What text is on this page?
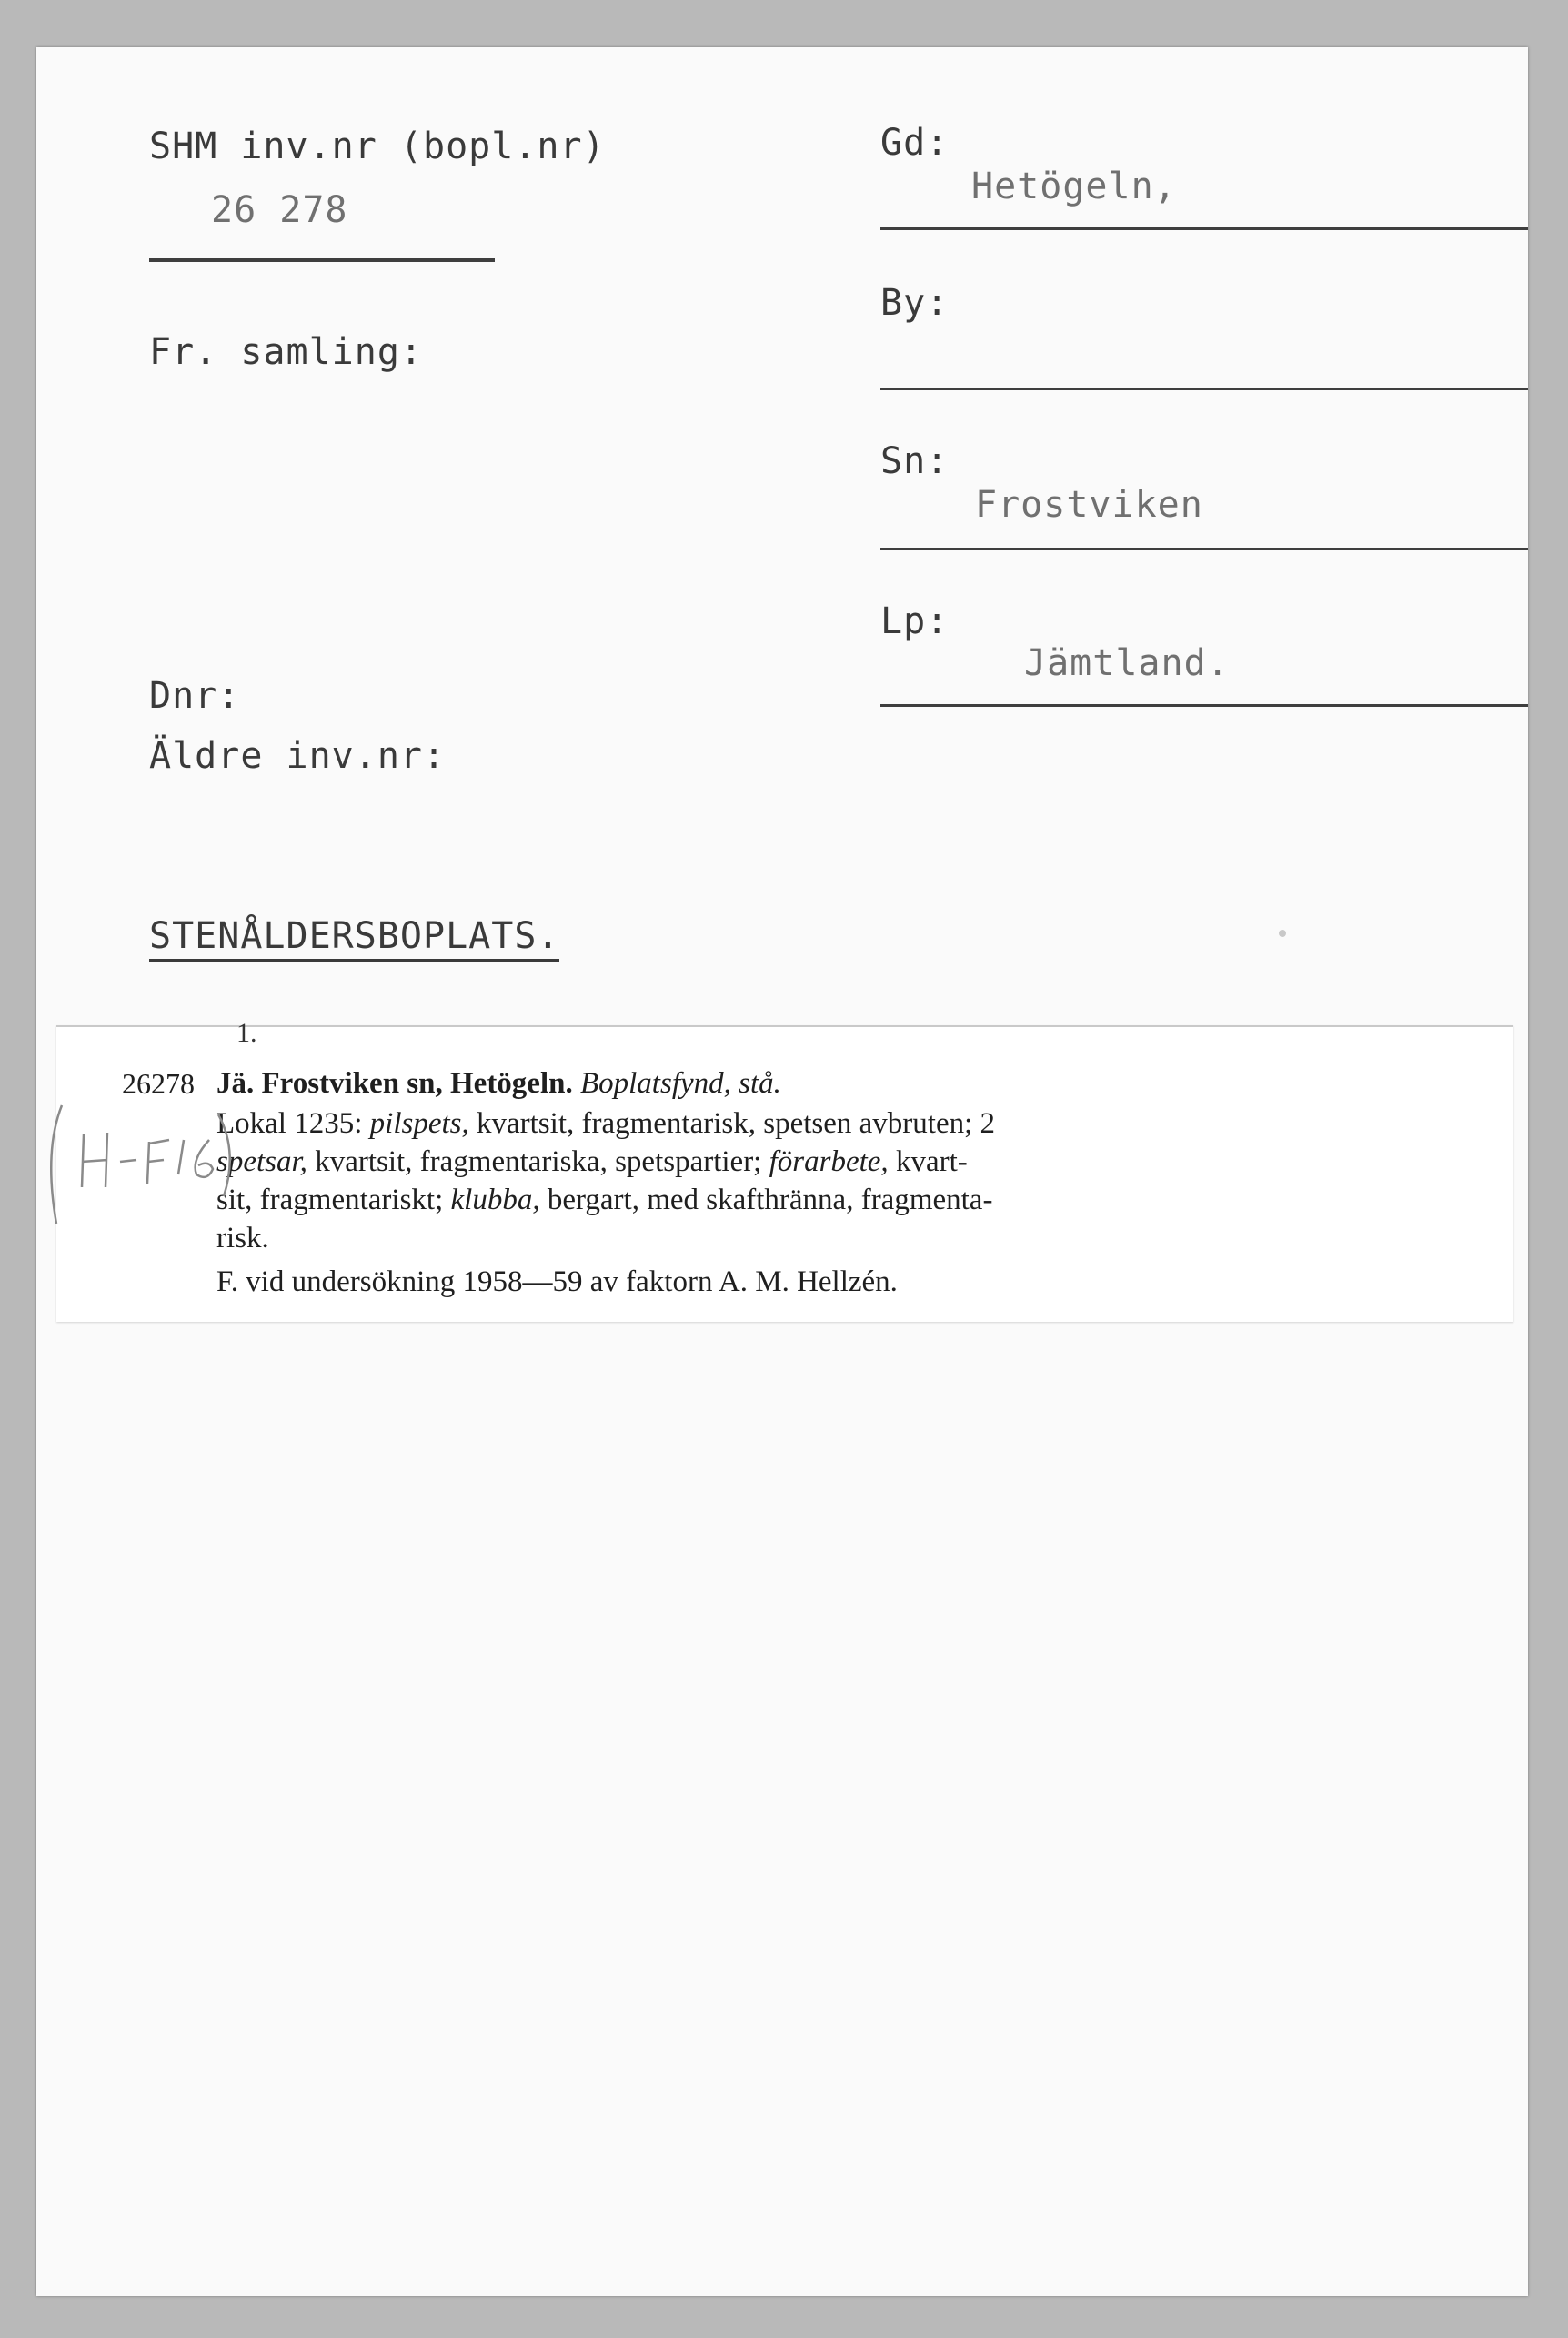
SHM inv.nr (bopl.nr)
26 278
Fr. samling:
Dnr:
Äldre inv.nr:
STENÅLDERSBOPLATS.
Gd:
Hetögeln,
By:
Sn:
Frostviken
Lp:
Jämtland.
1.
26278 Jä. Frostviken sn, Hetögeln. Boplatsfynd, stå.
Lokal 1235: pilspets, kvartsit, fragmentarisk, spetsen avbruten; 2
spetsar, kvartsit, fragmentariska, spetspartier; förarbete, kvart-
sit, fragmentariskt; klubba, bergart, med skafthränna, fragmenta-
risk.
F. vid undersökning 1958—59 av faktorn A. M. Hellzén.
